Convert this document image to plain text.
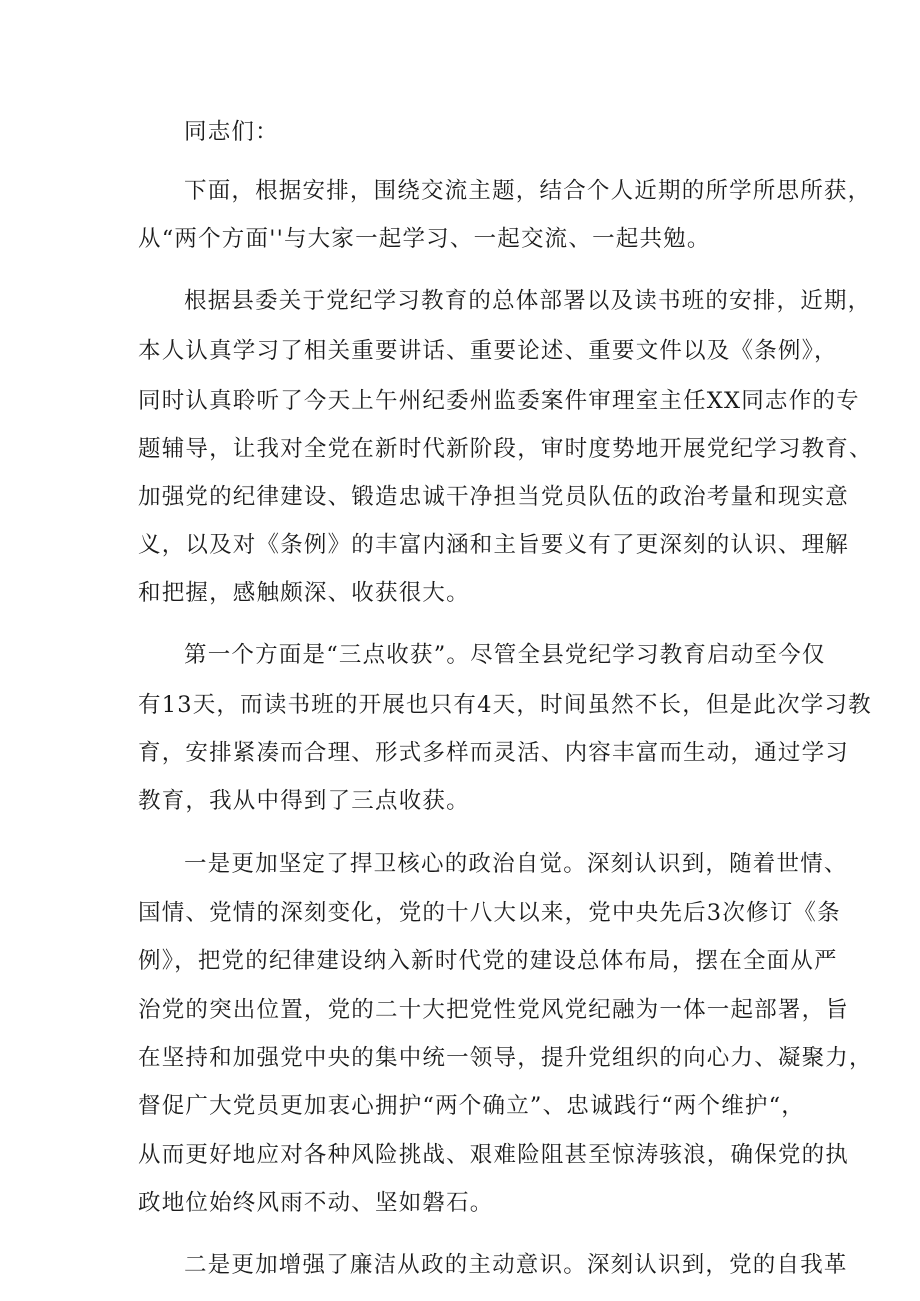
同志们：
下面，根据安排，围绕交流主题，结合个人近期的所学所思所获，
从“两个方面''与大家一起学习、一起交流、一起共勉。
根据县委关于党纪学习教育的总体部署以及读书班的安排，近期，
本人认真学习了相关重要讲话、重要论述、重要文件以及《条例》，
同时认真聆听了今天上午州纪委州监委案件审理室主任XX同志作的专
题辅导，让我对全党在新时代新阶段，审时度势地开展党纪学习教育、
加强党的纪律建设、锻造忠诚干净担当党员队伍的政治考量和现实意
义，以及对《条例》的丰富内涵和主旨要义有了更深刻的认识、理解
和把握，感触颇深、收获很大。
第一个方面是“三点收获”。尽管全县党纪学习教育启动至今仅
有13天，而读书班的开展也只有4天，时间虽然不长，但是此次学习教
育，安排紧凑而合理、形式多样而灵活、内容丰富而生动，通过学习
教育，我从中得到了三点收获。
一是更加坚定了捍卫核心的政治自觉。深刻认识到，随着世情、
国情、党情的深刻变化，党的十八大以来，党中央先后3次修订《条
例》，把党的纪律建设纳入新时代党的建设总体布局，摆在全面从严
治党的突出位置，党的二十大把党性党风党纪融为一体一起部署，旨
在坚持和加强党中央的集中统一领导，提升党组织的向心力、凝聚力，
督促广大党员更加衷心拥护“两个确立”、忠诚践行“两个维护“，
从而更好地应对各种风险挑战、艰难险阻甚至惊涛骇浪，确保党的执
政地位始终风雨不动、坚如磐石。
二是更加增强了廉洁从政的主动意识。深刻认识到，党的自我革
